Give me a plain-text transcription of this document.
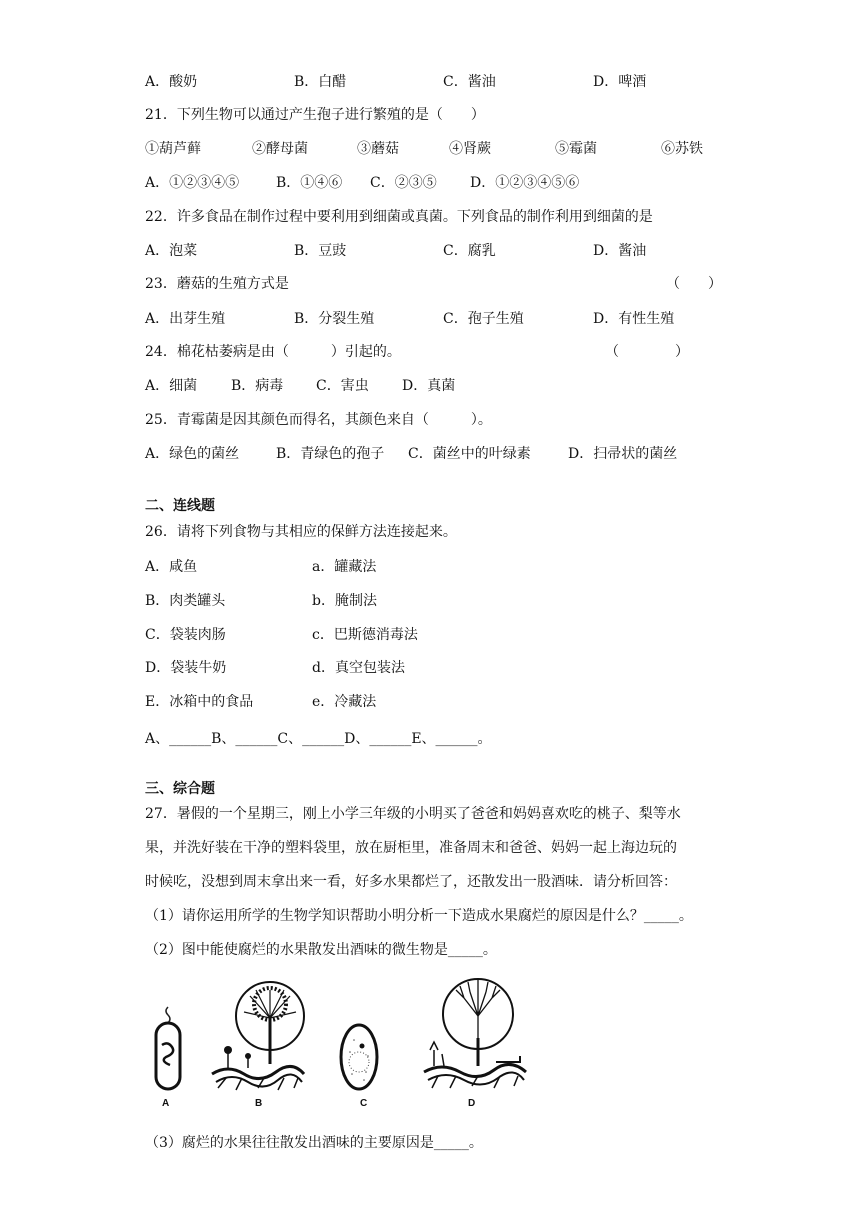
A．酸奶	B．白醋	C．酱油	D．啤酒
21．下列生物可以通过产生孢子进行繁殖的是（　　）
①葫芦藓	②酵母菌	③蘑菇	④肾蕨	⑤霉菌	⑥苏铁
A．①②③④⑤	B．①④⑥ C．②③⑤ D．①②③④⑤⑥
22．许多食品在制作过程中要利用到细菌或真菌。下列食品的制作利用到细菌的是
A．泡菜	B．豆豉	C．腐乳	D．酱油
23．蘑菇的生殖方式是	（　　）
A．出芽生殖	B．分裂生殖	C．孢子生殖	D．有性生殖
24．棉花枯萎病是由（　　　）引起的。	（　　　　）
A．细菌 B．病毒 C．害虫 D．真菌
25．青霉菌是因其颜色而得名，其颜色来自（　　　）。
A．绿色的菌丝	B．青绿色的孢子 C．菌丝中的叶绿素	D．扫帚状的菌丝
二、连线题
26．请将下列食物与其相应的保鲜方法连接起来。
A．咸鱼	a．罐藏法
B．肉类罐头	b．腌制法
C．袋装肉肠	c．巴斯德消毒法
D．袋装牛奶	d．真空包装法
E．冰箱中的食品	e．冷藏法
A、______B、______C、______D、______E、______。
三、综合题
27．暑假的一个星期三，刚上小学三年级的小明买了爸爸和妈妈喜欢吃的桃子、梨等水
果，并洗好装在干净的塑料袋里，放在厨柜里，准备周末和爸爸、妈妈一起上海边玩的
时候吃，没想到周末拿出来一看，好多水果都烂了，还散发出一股酒味．请分析回答：
（1）请你运用所学的生物学知识帮助小明分析一下造成水果腐烂的原因是什么？_____。
（2）图中能使腐烂的水果散发出酒味的微生物是_____。
A	B	C	D
（3）腐烂的水果往往散发出酒味的主要原因是_____。
